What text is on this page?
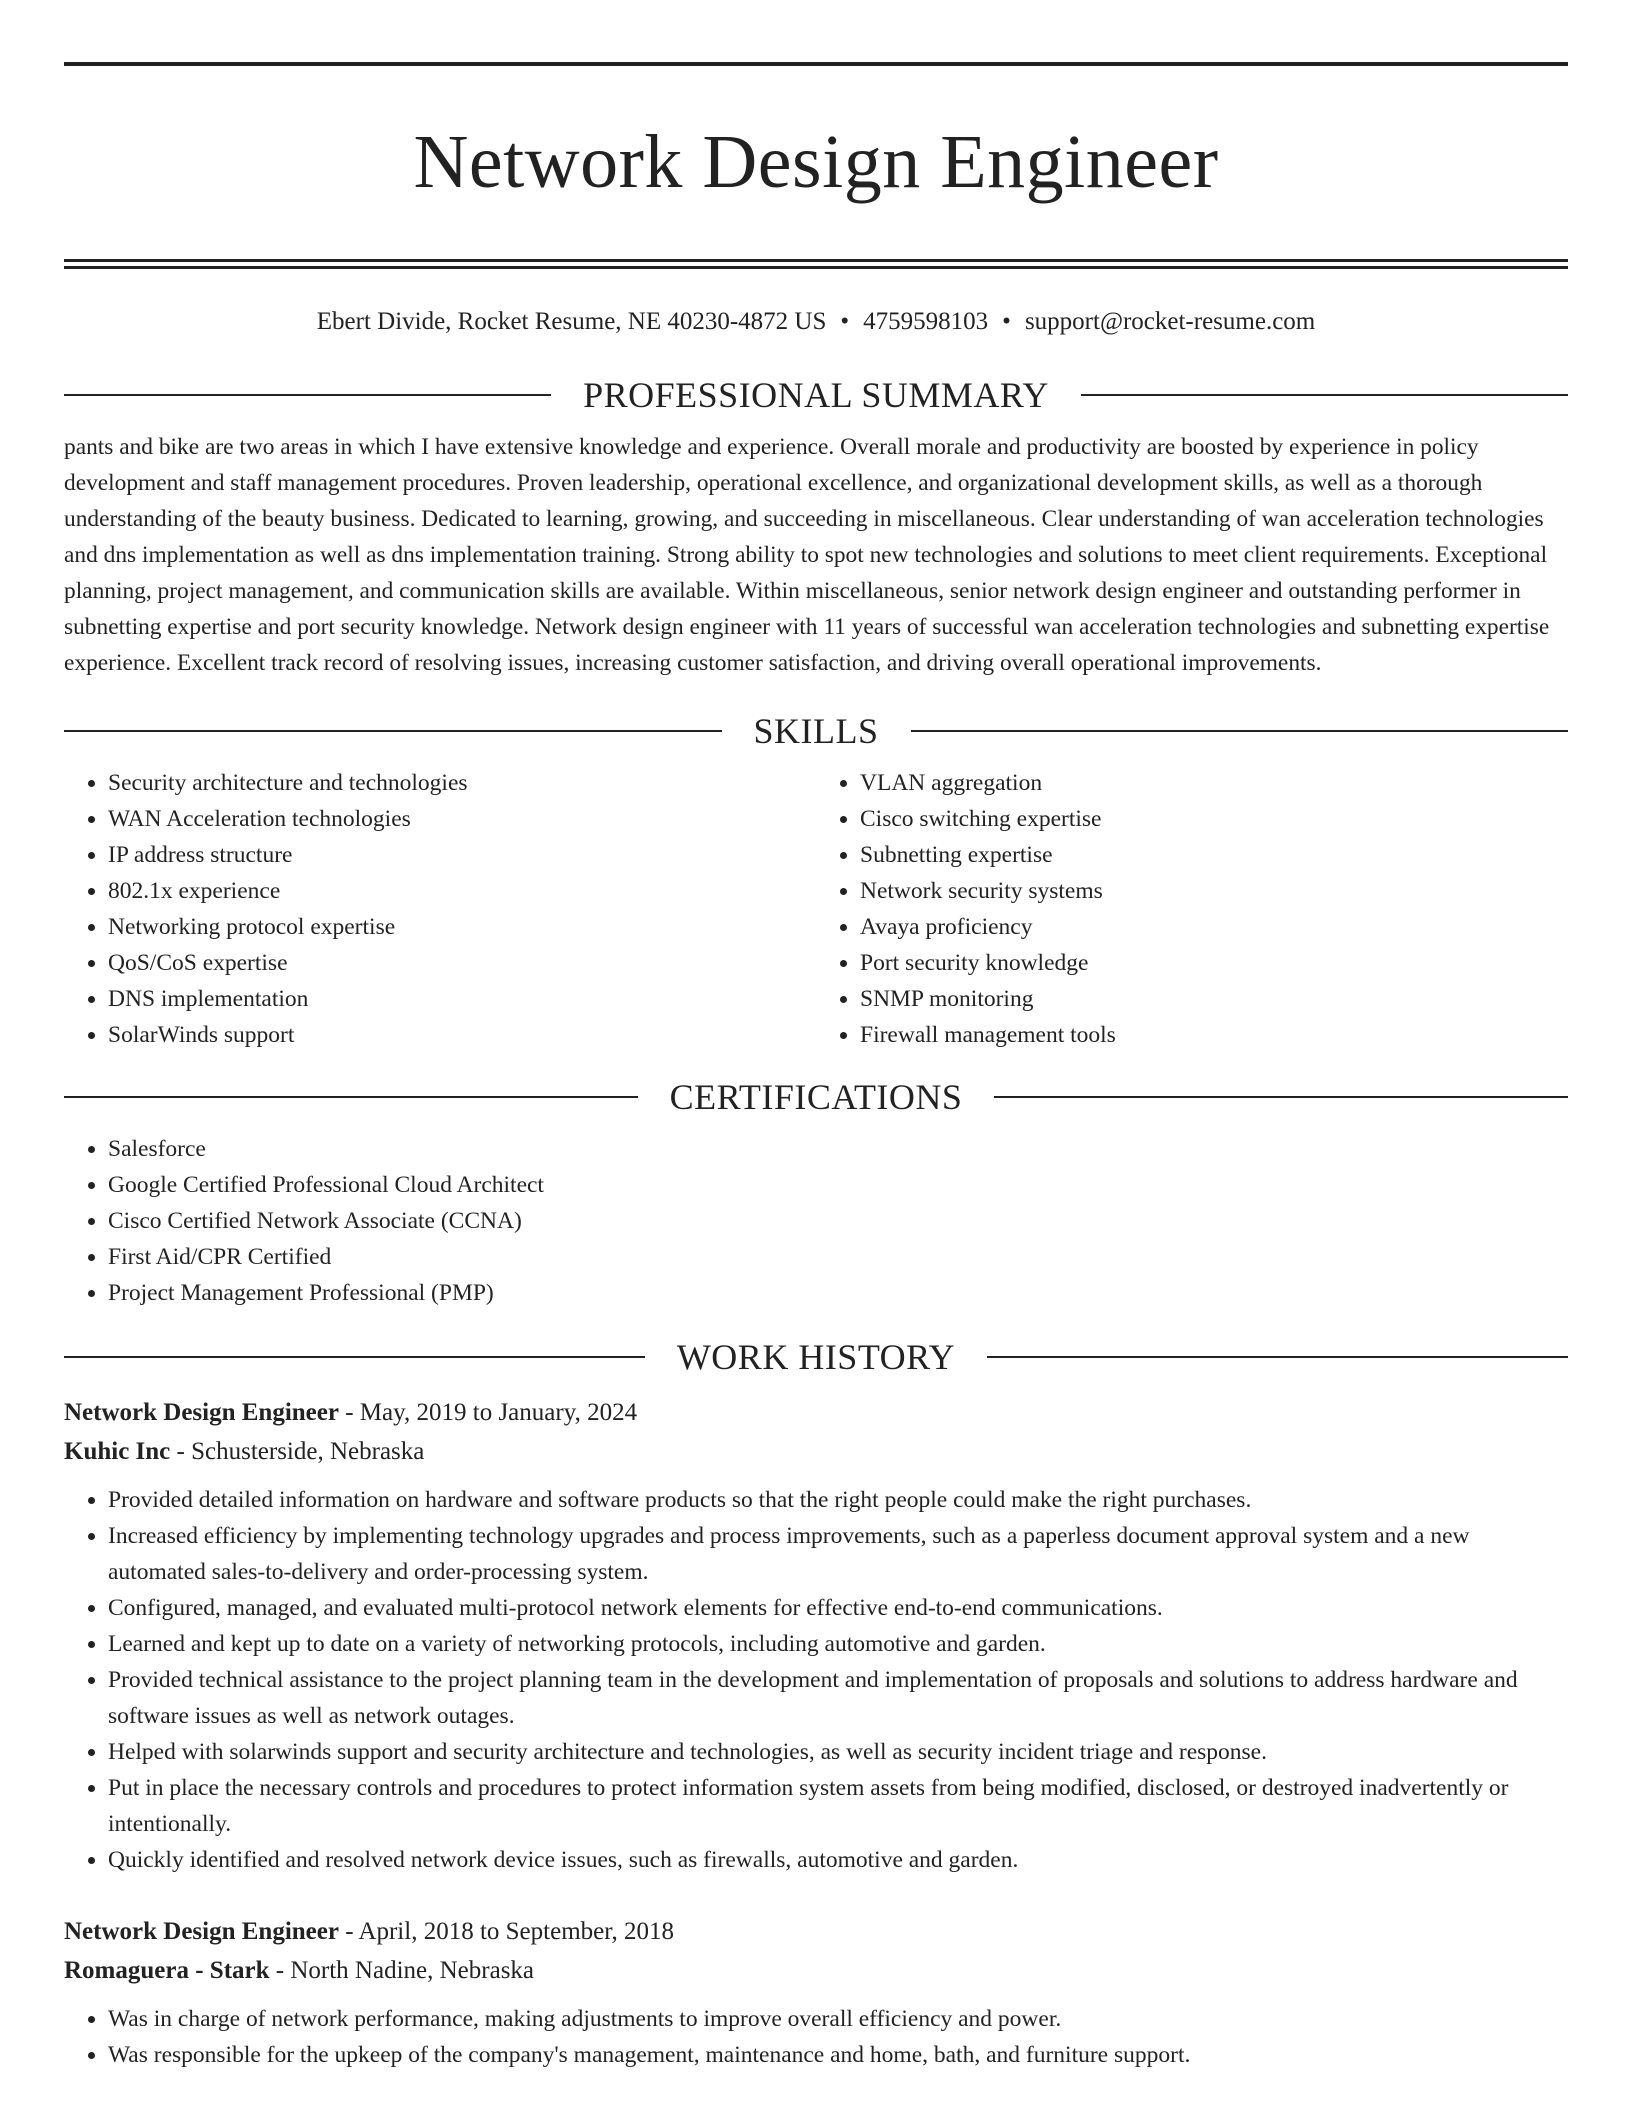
Network Design Engineer
Ebert Divide, Rocket Resume, NE 40230-4872 US • 4759598103 • support@rocket-resume.com
PROFESSIONAL SUMMARY
pants and bike are two areas in which I have extensive knowledge and experience. Overall morale and productivity are boosted by experience in policy development and staff management procedures. Proven leadership, operational excellence, and organizational development skills, as well as a thorough understanding of the beauty business. Dedicated to learning, growing, and succeeding in miscellaneous. Clear understanding of wan acceleration technologies and dns implementation as well as dns implementation training. Strong ability to spot new technologies and solutions to meet client requirements. Exceptional planning, project management, and communication skills are available. Within miscellaneous, senior network design engineer and outstanding performer in subnetting expertise and port security knowledge. Network design engineer with 11 years of successful wan acceleration technologies and subnetting expertise experience. Excellent track record of resolving issues, increasing customer satisfaction, and driving overall operational improvements.
SKILLS
• Security architecture and technologies
• WAN Acceleration technologies
• IP address structure
• 802.1x experience
• Networking protocol expertise
• QoS/CoS expertise
• DNS implementation
• SolarWinds support
• VLAN aggregation
• Cisco switching expertise
• Subnetting expertise
• Network security systems
• Avaya proficiency
• Port security knowledge
• SNMP monitoring
• Firewall management tools
CERTIFICATIONS
• Salesforce
• Google Certified Professional Cloud Architect
• Cisco Certified Network Associate (CCNA)
• First Aid/CPR Certified
• Project Management Professional (PMP)
WORK HISTORY
Network Design Engineer - May, 2019 to January, 2024
Kuhic Inc - Schusterside, Nebraska
• Provided detailed information on hardware and software products so that the right people could make the right purchases.
• Increased efficiency by implementing technology upgrades and process improvements, such as a paperless document approval system and a new automated sales-to-delivery and order-processing system.
• Configured, managed, and evaluated multi-protocol network elements for effective end-to-end communications.
• Learned and kept up to date on a variety of networking protocols, including automotive and garden.
• Provided technical assistance to the project planning team in the development and implementation of proposals and solutions to address hardware and software issues as well as network outages.
• Helped with solarwinds support and security architecture and technologies, as well as security incident triage and response.
• Put in place the necessary controls and procedures to protect information system assets from being modified, disclosed, or destroyed inadvertently or intentionally.
• Quickly identified and resolved network device issues, such as firewalls, automotive and garden.
Network Design Engineer - April, 2018 to September, 2018
Romaguera - Stark - North Nadine, Nebraska
• Was in charge of network performance, making adjustments to improve overall efficiency and power.
• Was responsible for the upkeep of the company's management, maintenance and home, bath, and furniture support.
